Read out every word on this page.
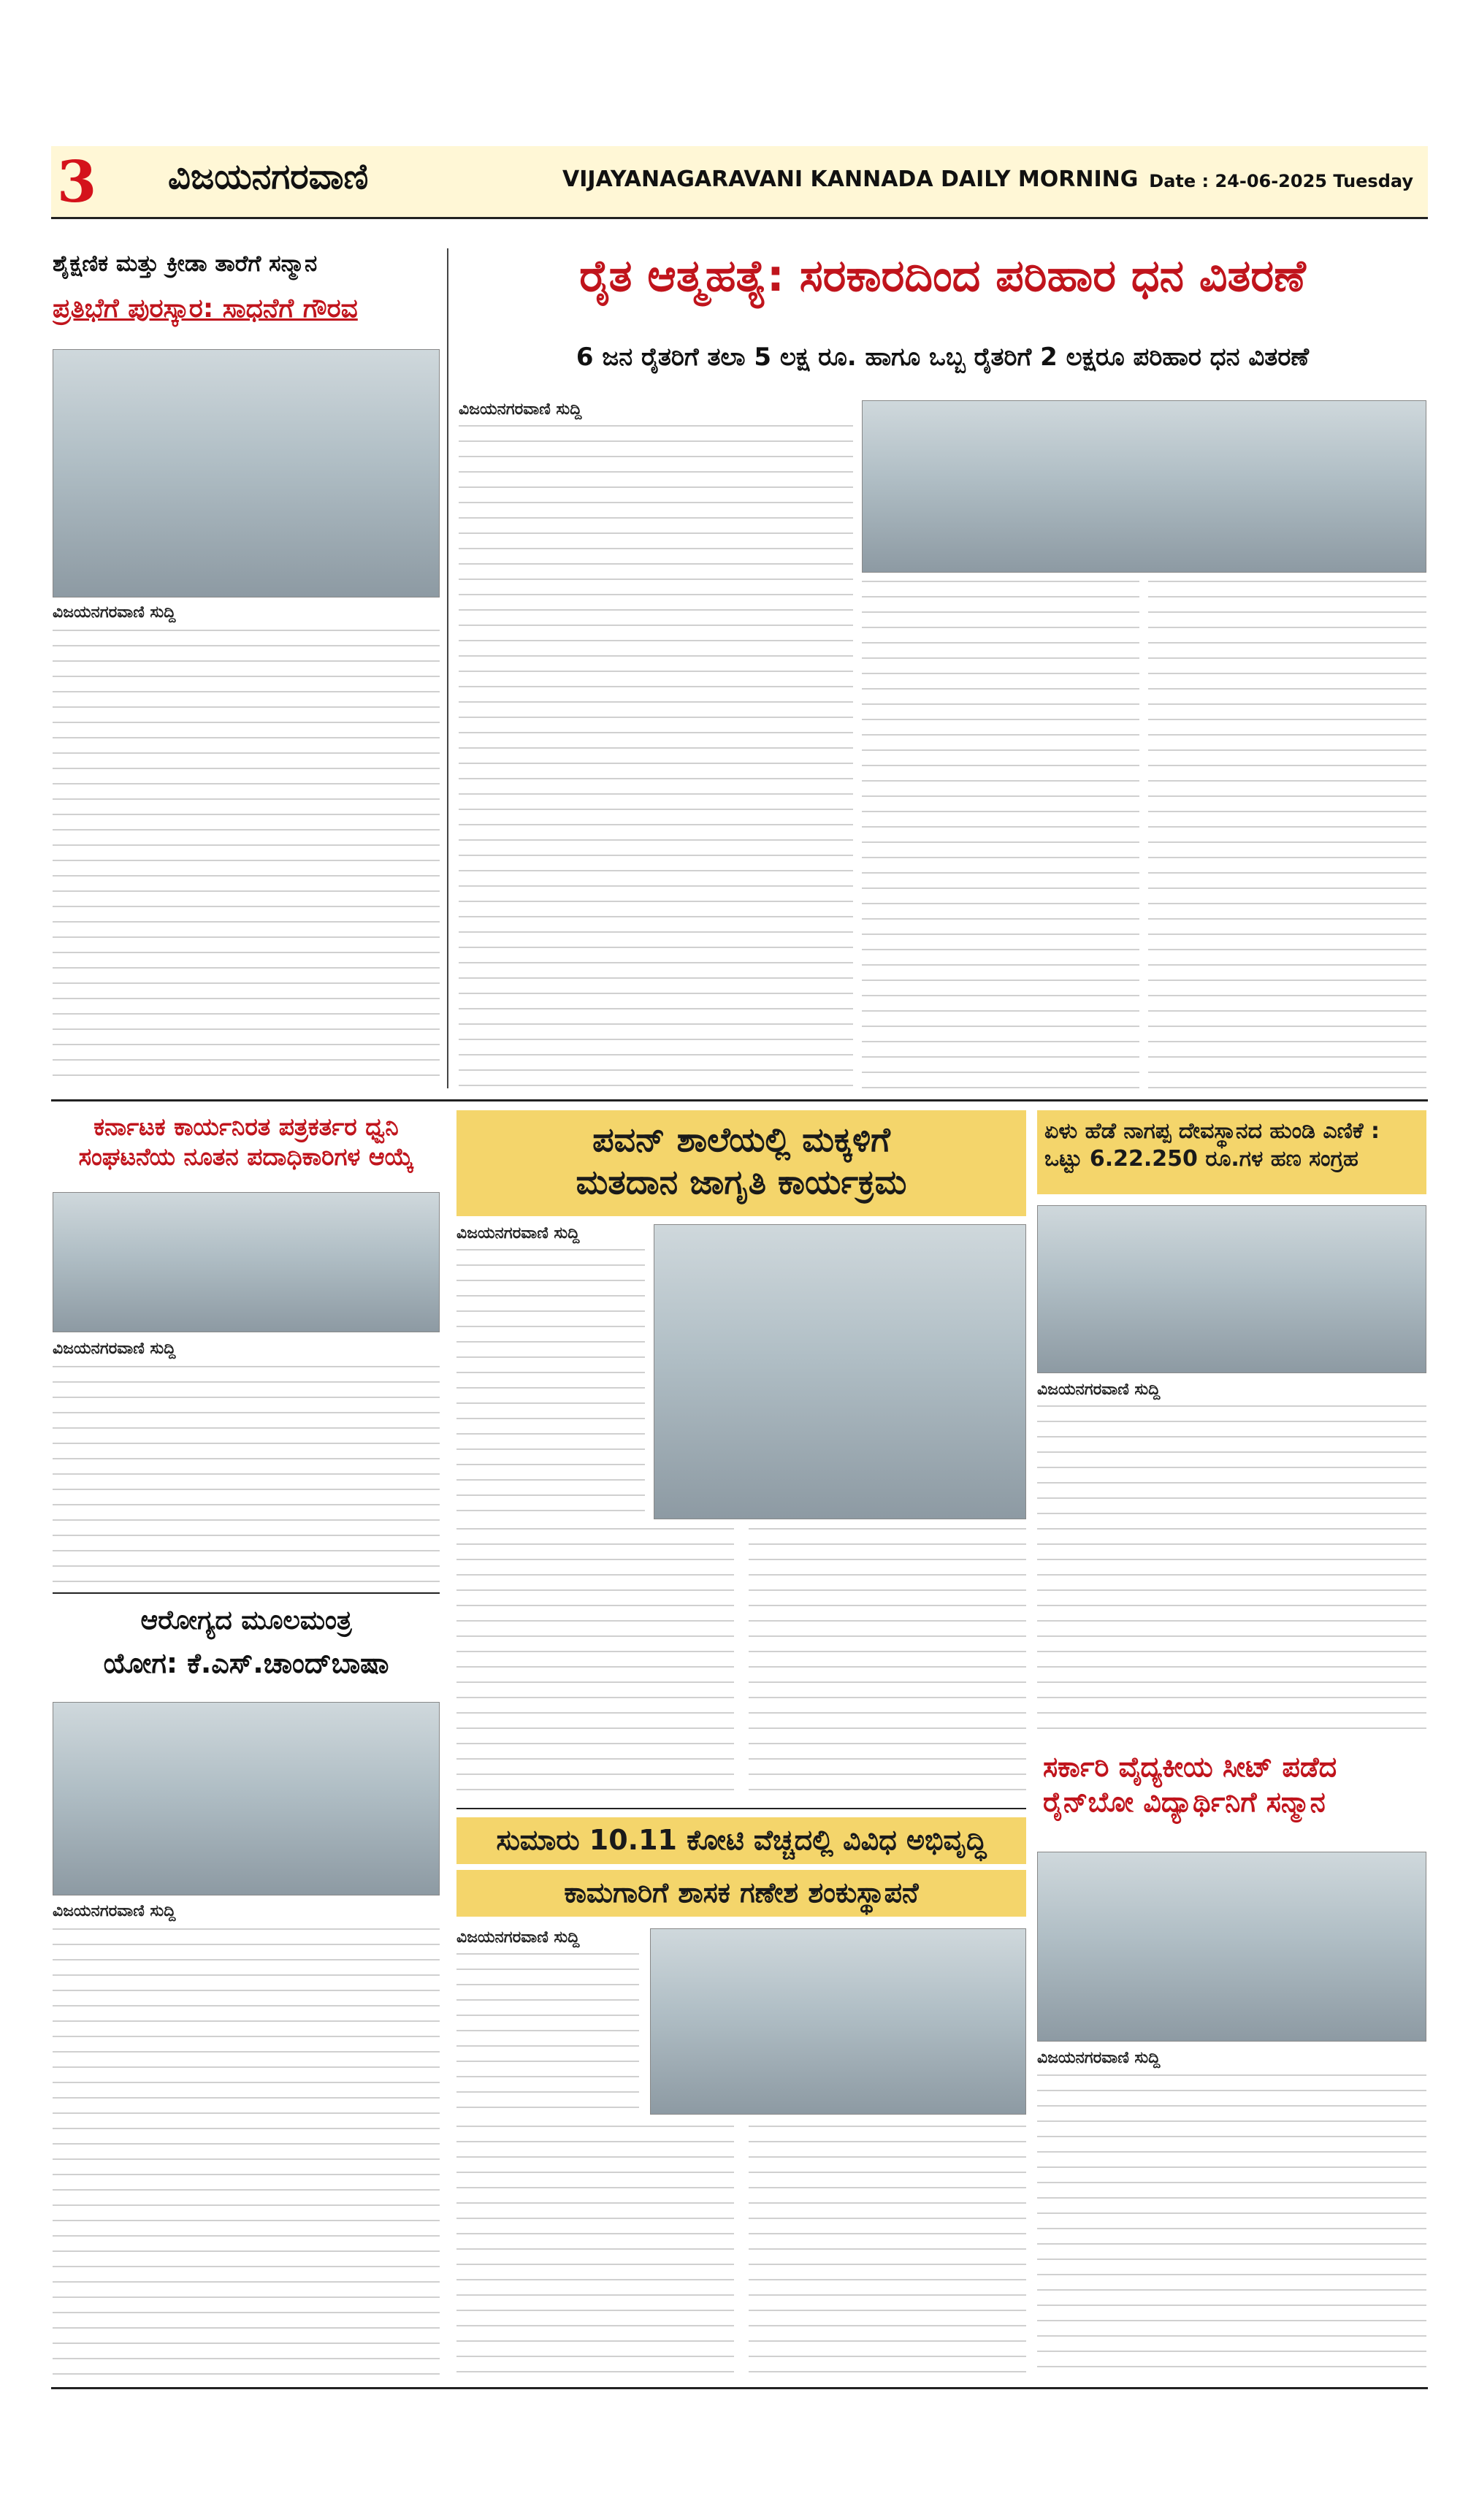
3 ವಿಜಯನಗರವಾಣಿ	VIJAYANAGARAVANI KANNADA DAILY MORNING Date : 24-06-2025 Tuesday
ಶೈಕ್ಷಣಿಕ ಮತ್ತು ಕ್ರೀಡಾ ತಾರೆಗೆ ಸನ್ಮಾನ
ಪ್ರತಿಭೆಗೆ ಪುರಸ್ಕಾರ: ಸಾಧನೆಗೆ ಗೌರವ
ವಿಜಯನಗರವಾಣಿ ಸುದ್ದಿ
ರೈತ ಆತ್ಮಹತ್ಯೆ: ಸರಕಾರದಿಂದ ಪರಿಹಾರ ಧನ ವಿತರಣೆ
6 ಜನ ರೈತರಿಗೆ ತಲಾ 5 ಲಕ್ಷ ರೂ. ಹಾಗೂ ಒಬ್ಬ ರೈತರಿಗೆ 2 ಲಕ್ಷರೂ ಪರಿಹಾರ ಧನ ವಿತರಣೆ
ವಿಜಯನಗರವಾಣಿ ಸುದ್ದಿ
ಕರ್ನಾಟಕ ಕಾರ್ಯನಿರತ ಪತ್ರಕರ್ತರ ಧ್ವನಿ ಸಂಘಟನೆಯ ನೂತನ ಪದಾಧಿಕಾರಿಗಳ ಆಯ್ಕೆ
ವಿಜಯನಗರವಾಣಿ ಸುದ್ದಿ
ಪವನ್ ಶಾಲೆಯಲ್ಲಿ ಮಕ್ಕಳಿಗೆ
ಮತದಾನ ಜಾಗೃತಿ ಕಾರ್ಯಕ್ರಮ
ವಿಜಯನಗರವಾಣಿ ಸುದ್ದಿ
ಏಳು ಹೆಡೆ ನಾಗಪ್ಪ ದೇವಸ್ಥಾನದ ಹುಂಡಿ ಎಣಿಕೆ : ಒಟ್ಟು 6.22.250 ರೂ.ಗಳ ಹಣ ಸಂಗ್ರಹ
ವಿಜಯನಗರವಾಣಿ ಸುದ್ದಿ
ಆರೋಗ್ಯದ ಮೂಲಮಂತ್ರ
ಯೋಗ: ಕೆ.ಎಸ್.ಚಾಂದ್‌ಬಾಷಾ
ವಿಜಯನಗರವಾಣಿ ಸುದ್ದಿ
ಸುಮಾರು 10.11 ಕೋಟಿ ವೆಚ್ಚದಲ್ಲಿ ವಿವಿಧ ಅಭಿವೃದ್ಧಿ
ಕಾಮಗಾರಿಗೆ ಶಾಸಕ ಗಣೇಶ ಶಂಕುಸ್ಥಾಪನೆ
ವಿಜಯನಗರವಾಣಿ ಸುದ್ದಿ
ಸರ್ಕಾರಿ ವೈದ್ಯಕೀಯ ಸೀಟ್ ಪಡೆದ
ರೈನ್‌ಬೋ ವಿದ್ಯಾರ್ಥಿನಿಗೆ ಸನ್ಮಾನ
ವಿಜಯನಗರವಾಣಿ ಸುದ್ದಿ
